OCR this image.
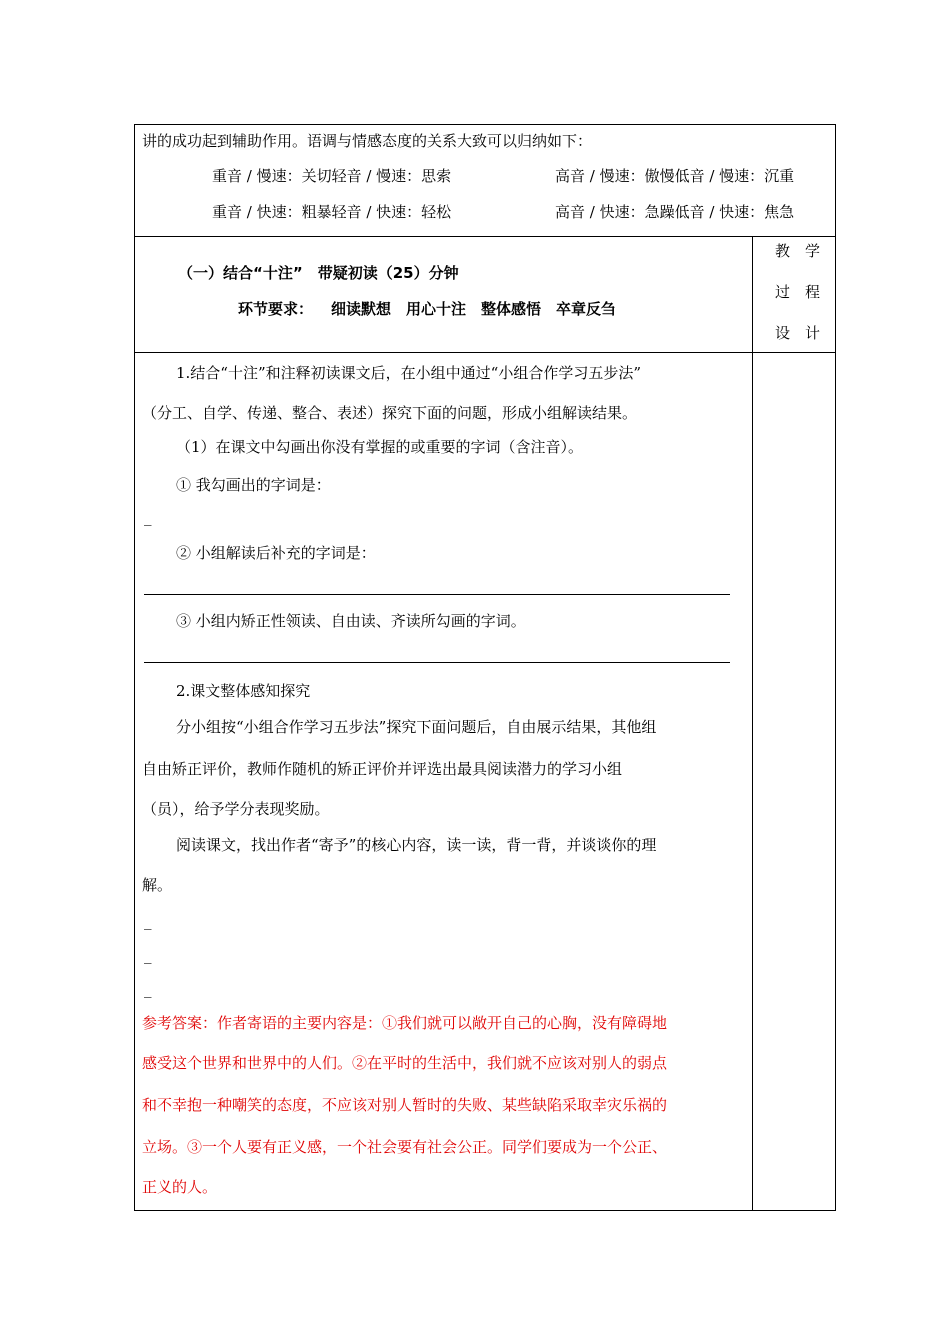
讲的成功起到辅助作用。语调与情感态度的关系大致可以归纳如下：
重音 / 慢速：关切轻音 / 慢速：思索	高音 / 慢速：傲慢低音 / 慢速：沉重
重音 / 快速：粗暴轻音 / 快速：轻松	高音 / 快速：急躁低音 / 快速：焦急
（一）结合“十注”　带疑初读（25）分钟
环节要求： 细读默想　用心十注　整体感悟　卒章反刍
教　学
过　程
设　计
1.结合“十注”和注释初读课文后，在小组中通过“小组合作学习五步法”
（分工、自学、传递、整合、表述）探究下面的问题，形成小组解读结果。
（1）在课文中勾画出你没有掌握的或重要的字词（含注音）。
① 我勾画出的字词是：
_
② 小组解读后补充的字词是：
③ 小组内矫正性领读、自由读、齐读所勾画的字词。
2.课文整体感知探究
分小组按“小组合作学习五步法”探究下面问题后，自由展示结果，其他组
自由矫正评价，教师作随机的矫正评价并评选出最具阅读潜力的学习小组
（员），给予学分表现奖励。
阅读课文，找出作者“寄予”的核心内容，读一读，背一背，并谈谈你的理
解。
_
_
_
参考答案：作者寄语的主要内容是：①我们就可以敞开自己的心胸，没有障碍地
感受这个世界和世界中的人们。②在平时的生活中，我们就不应该对别人的弱点
和不幸抱一种嘲笑的态度，不应该对别人暂时的失败、某些缺陷采取幸灾乐祸的
立场。③一个人要有正义感，一个社会要有社会公正。同学们要成为一个公正、
正义的人。
